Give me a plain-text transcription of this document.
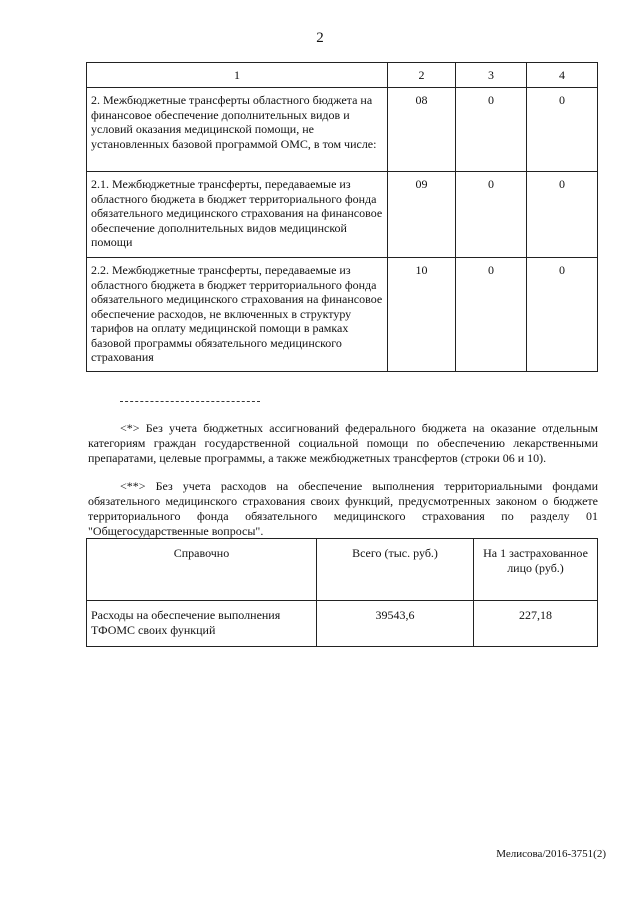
2
1	2	3	4
2. Межбюджетные трансферты областного бюджета на финансовое обеспечение дополнительных видов и условий оказания медицинской помощи, не установленных базовой программой ОМС, в том числе:	08	0	0
2.1. Межбюджетные трансферты, передаваемые из областного бюджета в бюджет территориального фонда обязательного медицинского страхования на финансовое обеспечение дополнительных видов медицинской помощи	09	0	0
2.2. Межбюджетные трансферты, передаваемые из областного бюджета в бюджет территориального фонда обязательного медицинского страхования на финансовое обеспечение расходов, не включенных в структуру тарифов на оплату медицинской помощи в рамках базовой программы обязательного медицинского страхования	10	0	0

<*> Без учета бюджетных ассигнований федерального бюджета на оказание отдельным категориям граждан государственной социальной помощи по обеспечению лекарственными препаратами, целевые программы, а также межбюджетных трансфертов (строки 06 и 10).

<**> Без учета расходов на обеспечение выполнения территориальными фондами обязательного медицинского страхования своих функций, предусмотренных законом о бюджете территориального фонда обязательного медицинского страхования по разделу 01 "Общегосударственные вопросы".

Справочно	Всего (тыс. руб.)	На 1 застрахованное лицо (руб.)
Расходы на обеспечение выполнения ТФОМС своих функций	39543,6	227,18
Мелисова/2016-3751(2)
